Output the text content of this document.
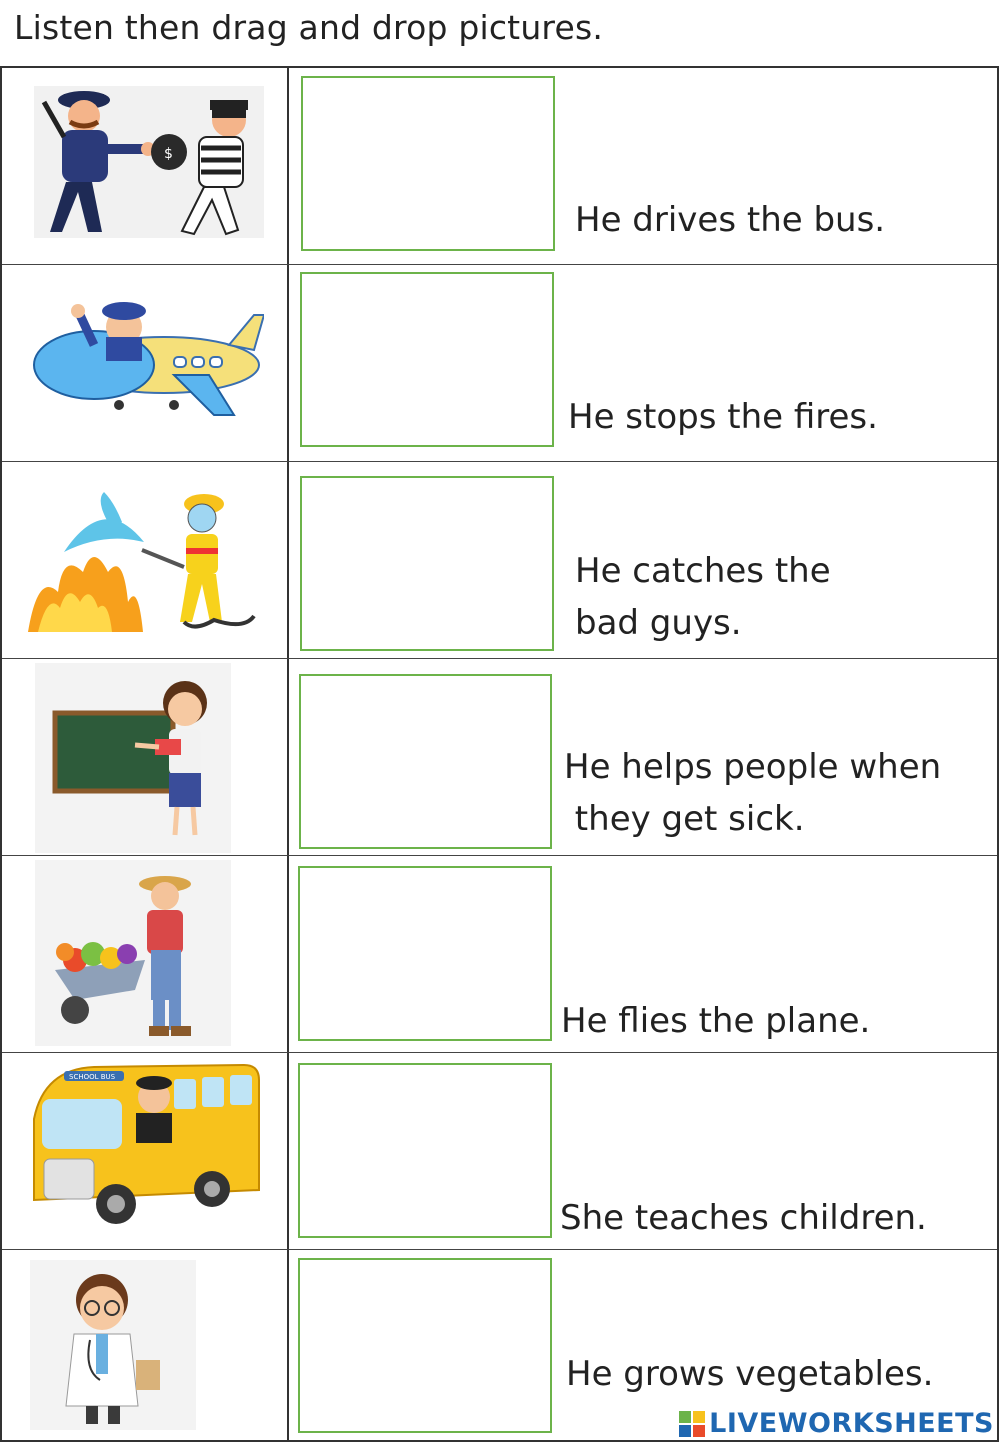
Listen then drag and drop pictures.
$
He drives the bus.
He stops the fires.
He catches the
bad guys.
He helps people when
they get sick.
He flies the plane.
SCHOOL BUS
She teaches children.
He grows vegetables.
LIVEWORKSHEETS
